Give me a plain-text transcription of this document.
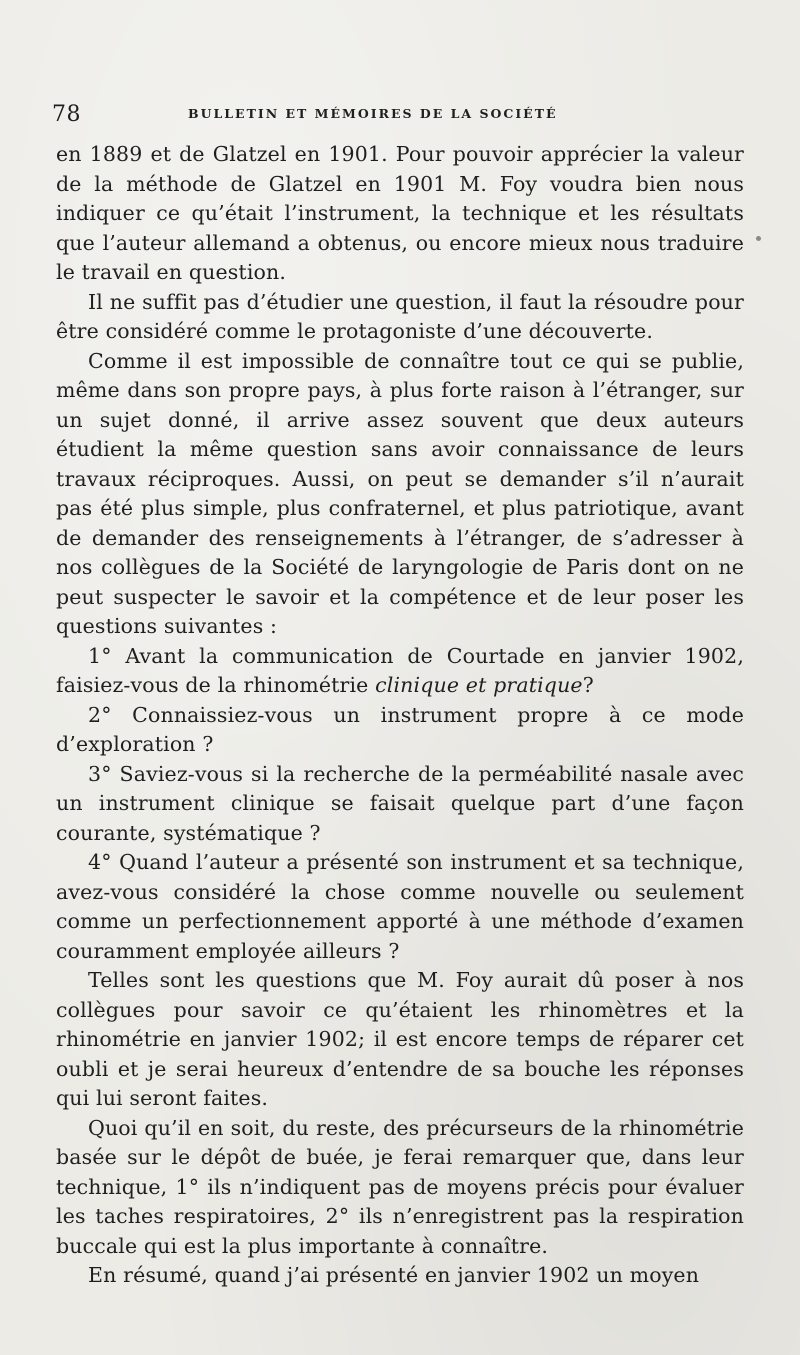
78	BULLETIN ET MÉMOIRES DE LA SOCIÉTÉ

en 1889 et de Glatzel en 1901. Pour pouvoir apprécier la valeur de la méthode de Glatzel en 1901 M. Foy voudra bien nous indiquer ce qu’était l’instrument, la technique et les résultats que l’auteur allemand a obtenus, ou encore mieux nous traduire le travail en question.

Il ne suffit pas d’étudier une question, il faut la résoudre pour être considéré comme le protagoniste d’une découverte.

Comme il est impossible de connaître tout ce qui se publie, même dans son propre pays, à plus forte raison à l’étranger, sur un sujet donné, il arrive assez souvent que deux auteurs étudient la même question sans avoir connaissance de leurs travaux réciproques. Aussi, on peut se demander s’il n’aurait pas été plus simple, plus confraternel, et plus patriotique, avant de demander des renseignements à l’étranger, de s’adresser à nos collègues de la Société de laryngologie de Paris dont on ne peut suspecter le savoir et la compétence et de leur poser les questions suivantes :

1° Avant la communication de Courtade en janvier 1902, faisiez-vous de la rhinométrie clinique et pratique?

2° Connaissiez-vous un instrument propre à ce mode d’exploration ?

3° Saviez-vous si la recherche de la perméabilité nasale avec un instrument clinique se faisait quelque part d’une façon courante, systématique ?

4° Quand l’auteur a présenté son instrument et sa technique, avez-vous considéré la chose comme nouvelle ou seulement comme un perfectionnement apporté à une méthode d’examen couramment employée ailleurs ?

Telles sont les questions que M. Foy aurait dû poser à nos collègues pour savoir ce qu’étaient les rhinomètres et la rhinométrie en janvier 1902; il est encore temps de réparer cet oubli et je serai heureux d’entendre de sa bouche les réponses qui lui seront faites.

Quoi qu’il en soit, du reste, des précurseurs de la rhinométrie basée sur le dépôt de buée, je ferai remarquer que, dans leur technique, 1° ils n’indiquent pas de moyens précis pour évaluer les taches respiratoires, 2° ils n’enregistrent pas la respiration buccale qui est la plus importante à connaître.

En résumé, quand j’ai présenté en janvier 1902 un moyen
